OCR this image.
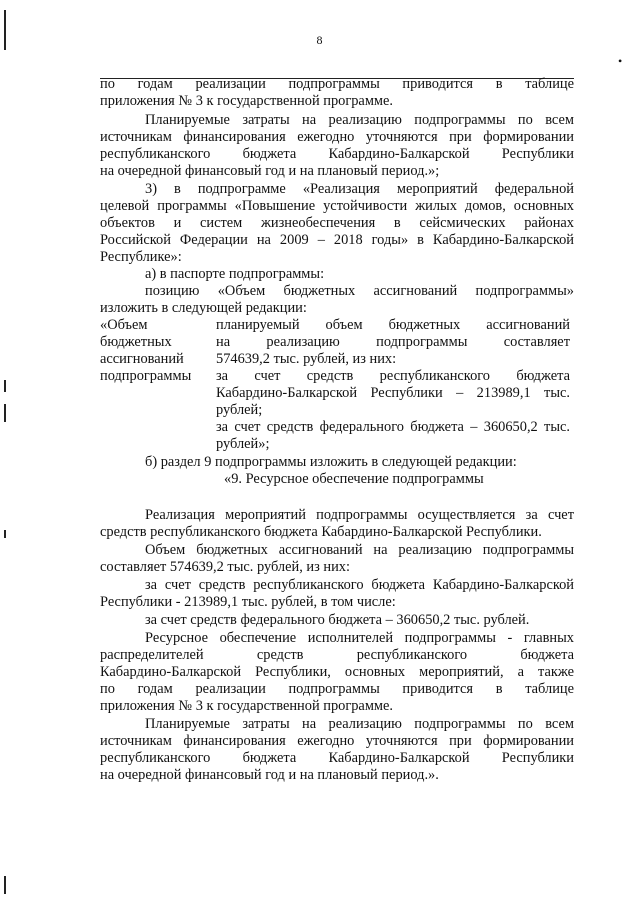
8
•
по годам реализации подпрограммы приводится в таблице
приложения № 3 к государственной программе.
Планируемые затраты на реализацию подпрограммы по всем
источникам финансирования ежегодно уточняются при формировании
республиканского бюджета Кабардино-Балкарской Республики
на очередной финансовый год и на плановый период.»;
3) в подпрограмме «Реализация мероприятий федеральной
целевой программы «Повышение устойчивости жилых домов, основных
объектов и систем жизнеобеспечения в сейсмических районах
Российской Федерации на 2009 – 2018 годы» в Кабардино-Балкарской
Республике»:
а) в паспорте подпрограммы:
позицию «Объем бюджетных ассигнований подпрограммы»
изложить в следующей редакции:
«Объем
бюджетных
ассигнований
подпрограммы
планируемый объем бюджетных ассигнований
на реализацию подпрограммы составляет
574639,2 тыс. рублей, из них:
за счет средств республиканского бюджета
Кабардино-Балкарской Республики – 213989,1 тыс.
рублей;
за счет средств федерального бюджета – 360650,2 тыс.
рублей»;
б) раздел 9 подпрограммы изложить в следующей редакции:
«9. Ресурсное обеспечение подпрограммы
Реализация мероприятий подпрограммы осуществляется за счет
средств республиканского бюджета Кабардино-Балкарской Республики.
Объем бюджетных ассигнований на реализацию подпрограммы
составляет 574639,2 тыс. рублей, из них:
за счет средств республиканского бюджета Кабардино-Балкарской
Республики - 213989,1 тыс. рублей, в том числе:
за счет средств федерального бюджета – 360650,2 тыс. рублей.
Ресурсное обеспечение исполнителей подпрограммы - главных
распределителей средств республиканского бюджета
Кабардино-Балкарской Республики, основных мероприятий, а также
по годам реализации подпрограммы приводится в таблице
приложения № 3 к государственной программе.
Планируемые затраты на реализацию подпрограммы по всем
источникам финансирования ежегодно уточняются при формировании
республиканского бюджета Кабардино-Балкарской Республики
на очередной финансовый год и на плановый период.».
